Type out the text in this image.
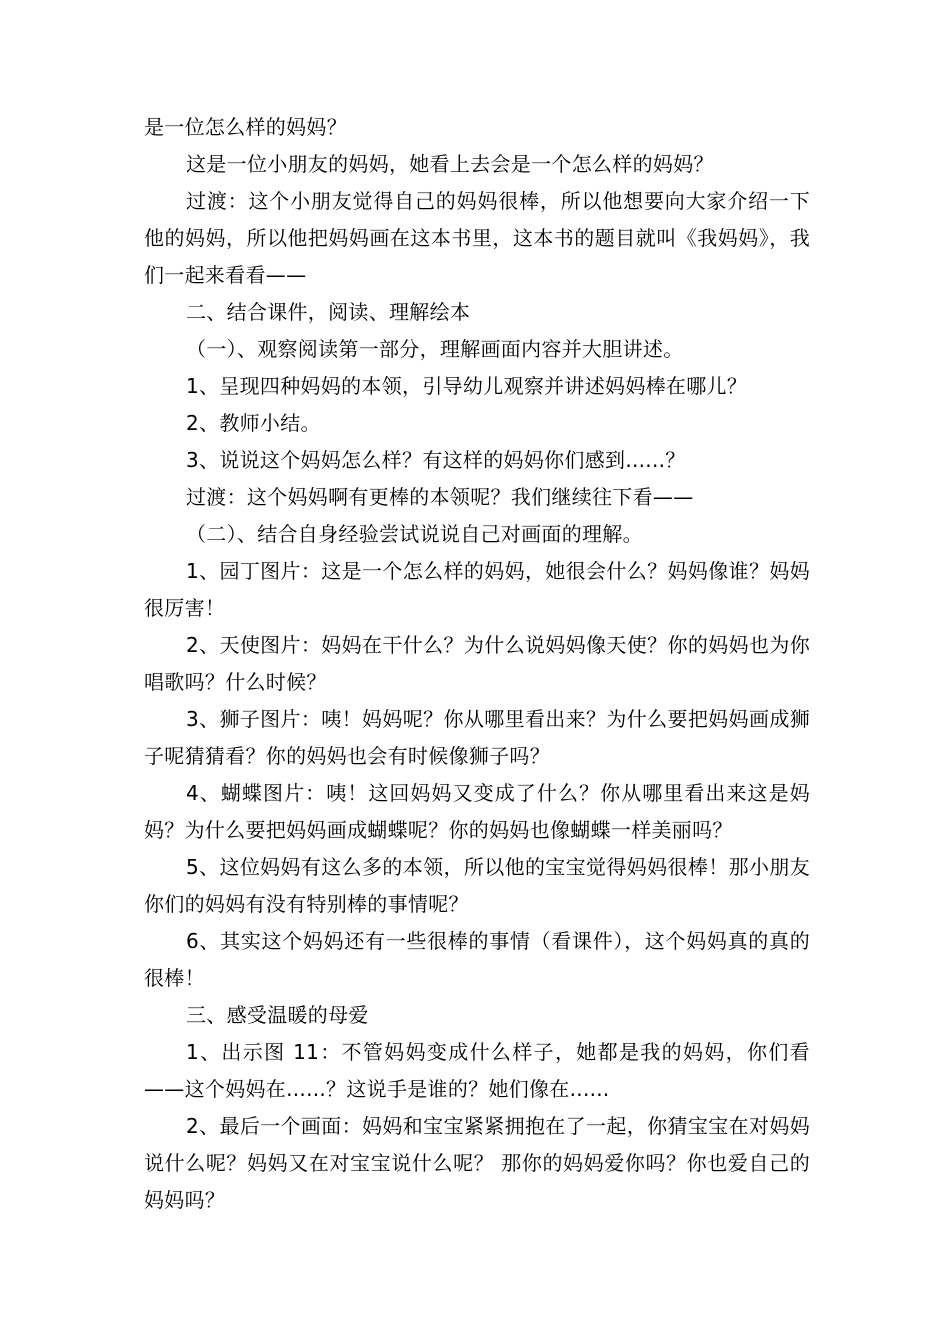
是一位怎么样的妈妈？

这是一位小朋友的妈妈，她看上去会是一个怎么样的妈妈？

过渡：这个小朋友觉得自己的妈妈很棒，所以他想要向大家介绍一下他的妈妈，所以他把妈妈画在这本书里，这本书的题目就叫《我妈妈》，我们一起来看看——

二、结合课件，阅读、理解绘本

（一）、观察阅读第一部分，理解画面内容并大胆讲述。

1、呈现四种妈妈的本领，引导幼儿观察并讲述妈妈棒在哪儿？

2、教师小结。

3、说说这个妈妈怎么样？有这样的妈妈你们感到......？

过渡：这个妈妈啊有更棒的本领呢？我们继续往下看——

（二）、结合自身经验尝试说说自己对画面的理解。

1、园丁图片：这是一个怎么样的妈妈，她很会什么？妈妈像谁？妈妈很厉害！

2、天使图片：妈妈在干什么？为什么说妈妈像天使？你的妈妈也为你唱歌吗？什么时候？

3、狮子图片：咦！妈妈呢？你从哪里看出来？为什么要把妈妈画成狮子呢猜猜看？你的妈妈也会有时候像狮子吗？

4、蝴蝶图片：咦！这回妈妈又变成了什么？你从哪里看出来这是妈妈？为什么要把妈妈画成蝴蝶呢？你的妈妈也像蝴蝶一样美丽吗？

5、这位妈妈有这么多的本领，所以他的宝宝觉得妈妈很棒！那小朋友你们的妈妈有没有特别棒的事情呢？

6、其实这个妈妈还有一些很棒的事情（看课件），这个妈妈真的真的很棒！

三、感受温暖的母爱

1、出示图 11：不管妈妈变成什么样子，她都是我的妈妈，你们看——这个妈妈在......？这说手是谁的？她们像在......

2、最后一个画面：妈妈和宝宝紧紧拥抱在了一起，你猜宝宝在对妈妈说什么呢？妈妈又在对宝宝说什么呢？ 那你的妈妈爱你吗？你也爱自己的妈妈吗？
